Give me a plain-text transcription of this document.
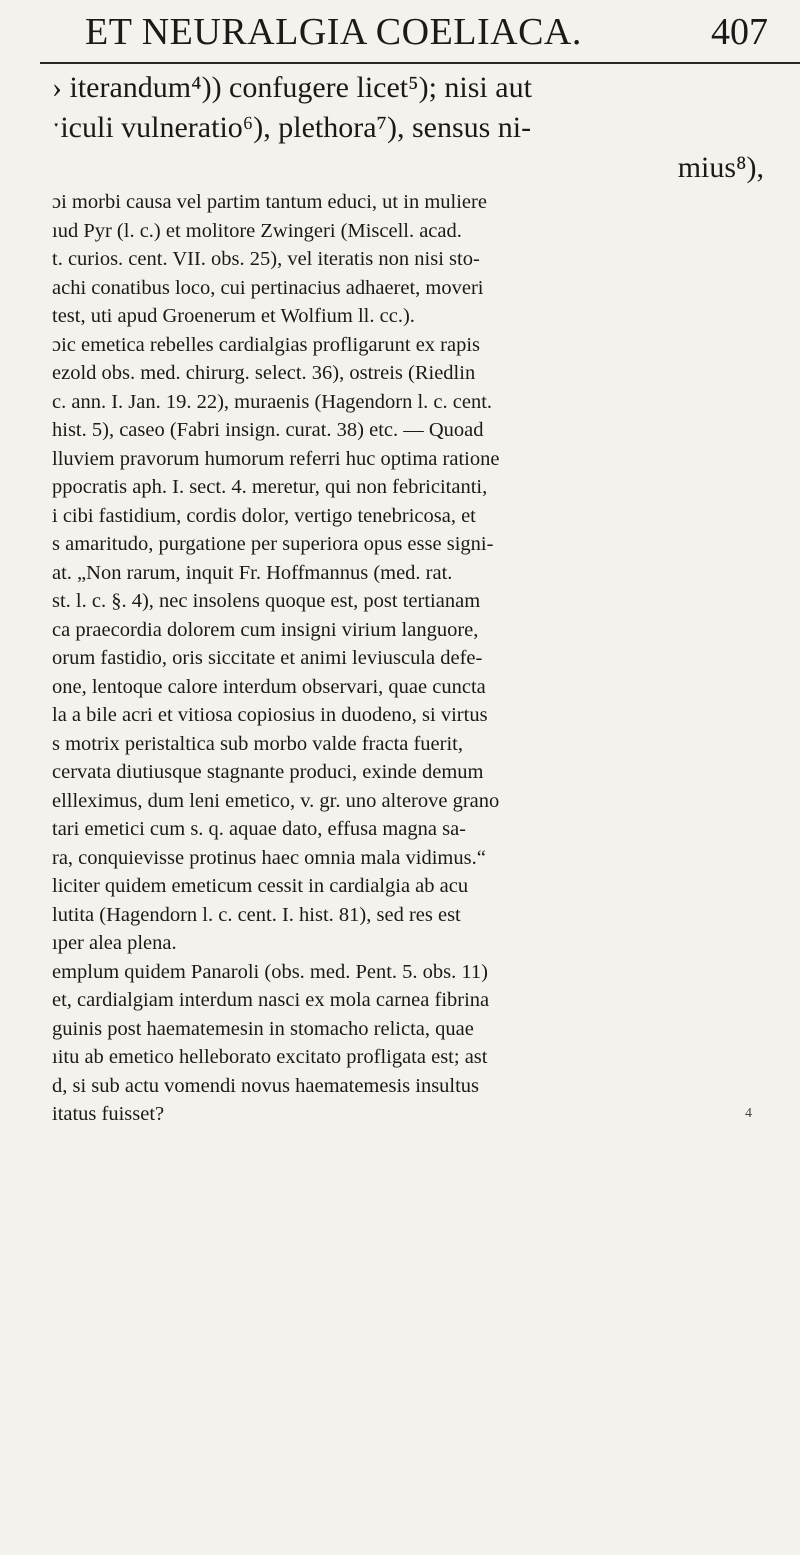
ET NEURALGIA COELIACA.	407
› iterandum⁴)) confugere licet⁵); nisi aut
ˑiculi vulneratio⁶), plethora⁷), sensus ni-
mius⁸),
ɔi morbi causa vel partim tantum educi, ut in muliere
ıud Pyr (l. c.) et molitore Zwingeri (Miscell. acad.
t. curios. cent. VII. obs. 25), vel iteratis non nisi sto-
achi conatibus loco, cui pertinacius adhaeret, moveri
test, uti apud Groenerum et Wolfium ll. cc.).
ɔic emetica rebelles cardialgias profligarunt ex rapis
ezold obs. med. chirurg. select. 36), ostreis (Riedlin
c. ann. I. Jan. 19. 22), muraenis (Hagendorn l. c. cent.
hist. 5), caseo (Fabri insign. curat. 38) etc. — Quoad
lluviem pravorum humorum referri huc optima ratione
ppocratis aph. I. sect. 4. meretur, qui non febricitanti,
i cibi fastidium, cordis dolor, vertigo tenebricosa, et
s amaritudo, purgatione per superiora opus esse signi-
at. „Non rarum, inquit Fr. Hoffmannus (med. rat.
st. l. c. §. 4), nec insolens quoque est, post tertianam
ca praecordia dolorem cum insigni virium languore,
orum fastidio, oris siccitate et animi leviuscula defe-
one, lentoque calore interdum observari, quae cuncta
la a bile acri et vitiosa copiosius in duodeno, si virtus
s motrix peristaltica sub morbo valde fracta fuerit,
cervata diutiusque stagnante produci, exinde demum
ellleximus, dum leni emetico, v. gr. uno alterove grano
tari emetici cum s. q. aquae dato, effusa magna sa-
ra, conquievisse protinus haec omnia mala vidimus.“
liciter quidem emeticum cessit in cardialgia ab acu
lutita (Hagendorn l. c. cent. I. hist. 81), sed res est
ıper alea plena.
emplum quidem Panaroli (obs. med. Pent. 5. obs. 11)
et, cardialgiam interdum nasci ex mola carnea fibrina
guinis post haematemesin in stomacho relicta, quae
ıitu ab emetico helleborato excitato profligata est; ast
d, si sub actu vomendi novus haematemesis insultus
itatus fuisset?	4
